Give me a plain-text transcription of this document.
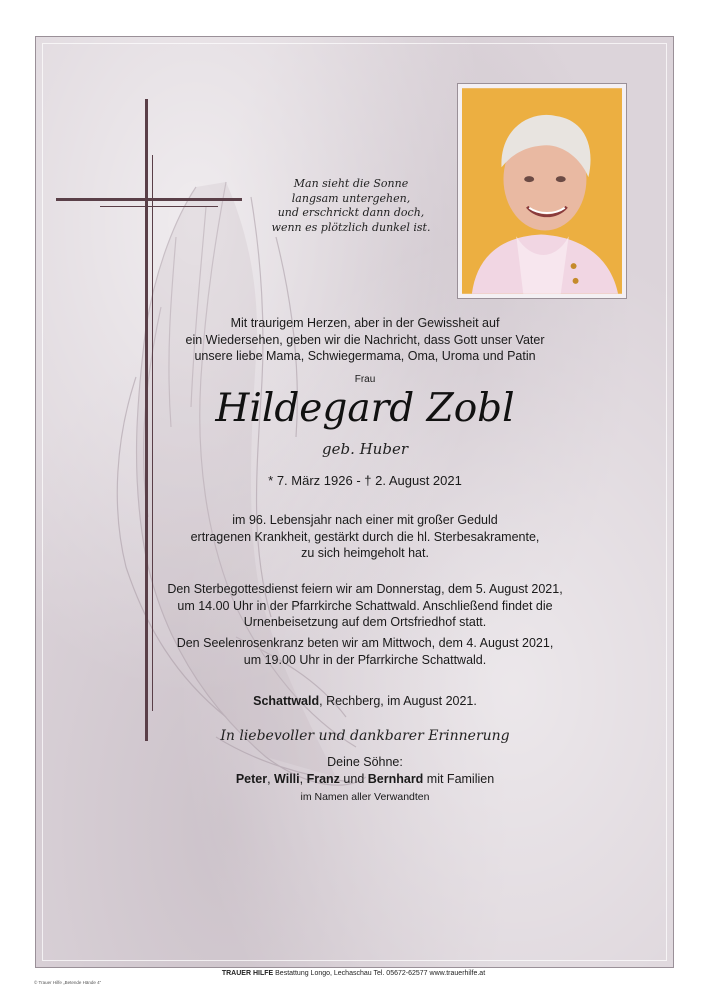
Man sieht die Sonne
langsam untergehen,
und erschrickt dann doch,
wenn es plötzlich dunkel ist.
Mit traurigem Herzen, aber in der Gewissheit auf
ein Wiedersehen, geben wir die Nachricht, dass Gott unser Vater
unsere liebe Mama, Schwiegermama, Oma, Uroma und Patin
Frau
Hildegard Zobl
geb. Huber
* 7. März 1926 - † 2. August 2021
im 96. Lebensjahr nach einer mit großer Geduld
ertragenen Krankheit, gestärkt durch die hl. Sterbesakramente,
zu sich heimgeholt hat.
Den Sterbegottesdienst feiern wir am Donnerstag, dem 5. August 2021,
um 14.00 Uhr in der Pfarrkirche Schattwald. Anschließend findet die
Urnenbeisetzung auf dem Ortsfriedhof statt.
Den Seelenrosenkranz beten wir am Mittwoch, dem 4. August 2021,
um 19.00 Uhr in der Pfarrkirche Schattwald.
Schattwald, Rechberg, im August 2021.
In liebevoller und dankbarer Erinnerung
Deine Söhne:
Peter, Willi, Franz und Bernhard mit Familien
im Namen aller Verwandten
© Trauer Hilfe „Betende Hände 4“
TRAUER HILFE Bestattung Longo, Lechaschau Tel. 05672-62577 www.trauerhilfe.at
